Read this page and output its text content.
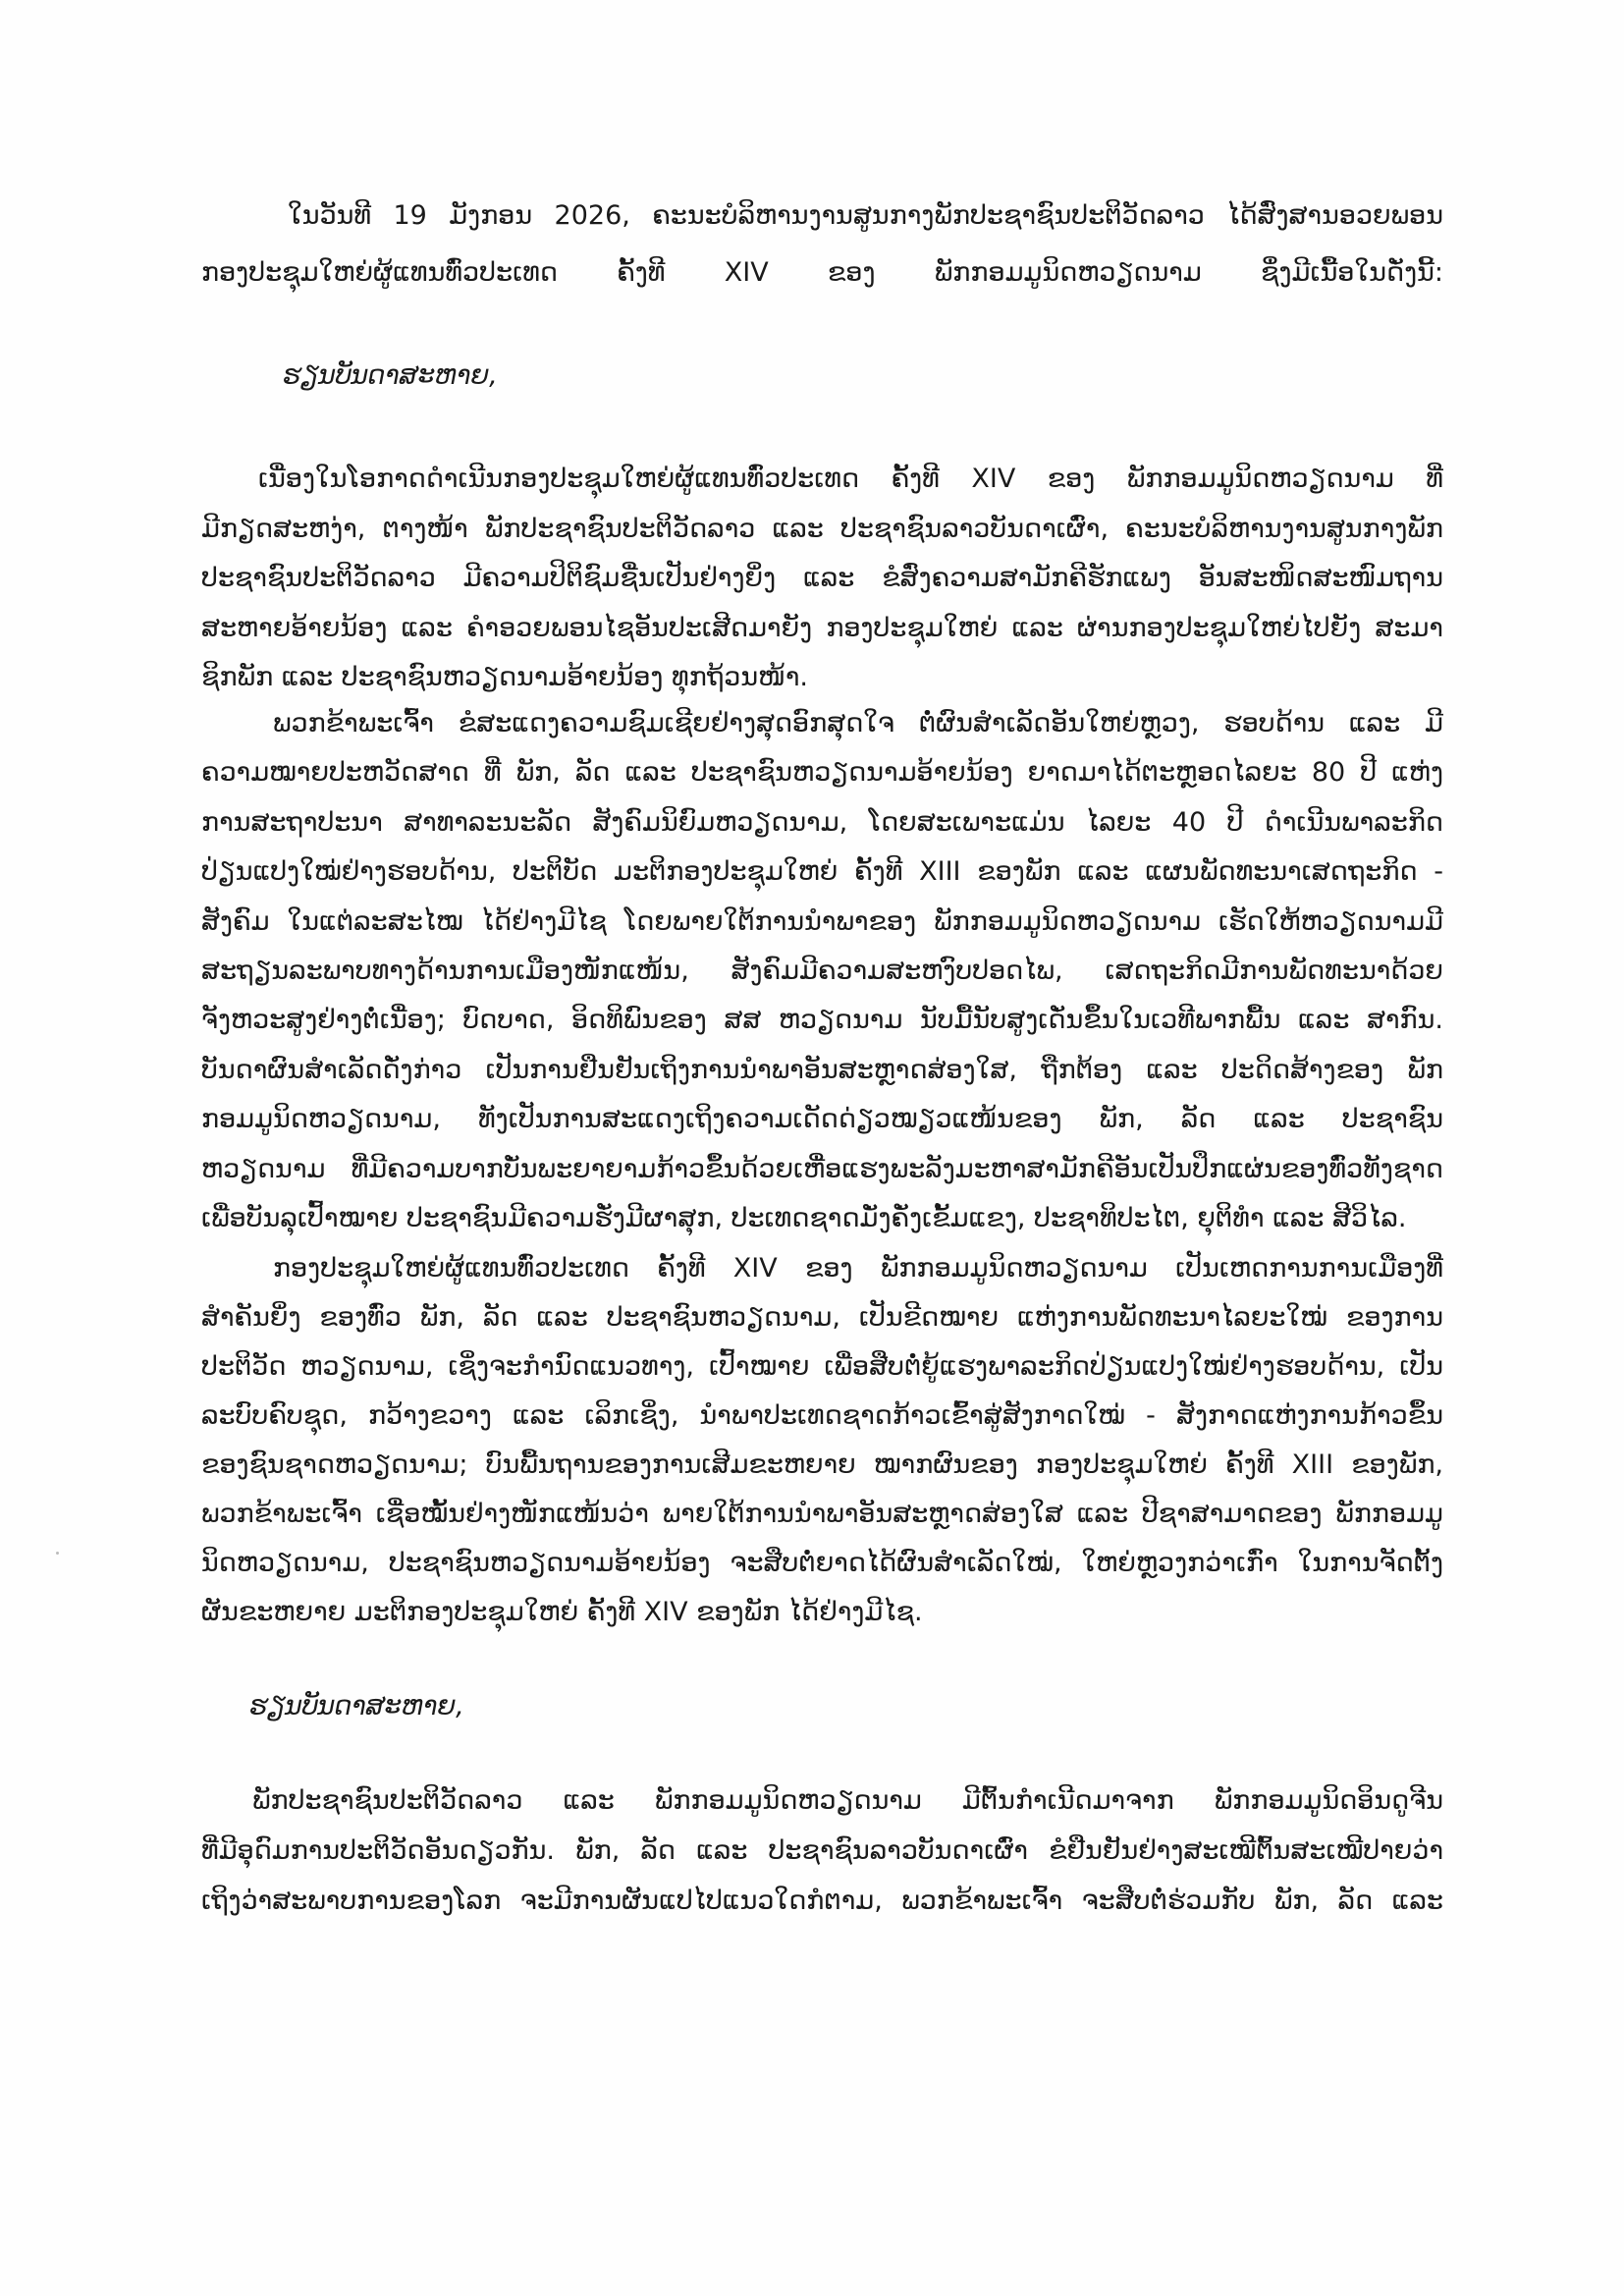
ໃນວັນທີ 19 ມັງກອນ 2026, ຄະນະບໍລິຫານງານສູນກາງພັກປະຊາຊົນປະຕິວັດລາວ ໄດ້ສົ່ງສານອວຍພອນ
ກອງປະຊຸມໃຫຍ່ຜູ້ແທນທົ່ວປະເທດ ຄັ້ງທີ XIV ຂອງ ພັກກອມມູນິດຫວຽດນາມ ຊຶ່ງມີເນື້ອໃນດັ່ງນີ້:
ຮຽນບັນດາສະຫາຍ,
ເນື່ອງໃນໂອກາດດຳເນີນກອງປະຊຸມໃຫຍ່ຜູ້ແທນທົ່ວປະເທດ ຄັ້ງທີ XIV ຂອງ ພັກກອມມູນິດຫວຽດນາມ ທີ່
ມີກຽດສະຫງ່າ, ຕາງໜ້າ ພັກປະຊາຊົນປະຕິວັດລາວ ແລະ ປະຊາຊົນລາວບັນດາເຜົ່າ, ຄະນະບໍລິຫານງານສູນກາງພັກ
ປະຊາຊົນປະຕິວັດລາວ ມີຄວາມປິຕິຊົມຊື່ນເປັນຢ່າງຍິ່ງ ແລະ ຂໍສົ່ງຄວາມສາມັກຄີຮັກແພງ ອັນສະໜິດສະໜົມຖານ
ສະຫາຍອ້າຍນ້ອງ ແລະ ຄຳອວຍພອນໄຊອັນປະເສີດມາຍັງ ກອງປະຊຸມໃຫຍ່ ແລະ ຜ່ານກອງປະຊຸມໃຫຍ່ໄປຍັງ ສະມາ
ຊິກພັກ ແລະ ປະຊາຊົນຫວຽດນາມອ້າຍນ້ອງ ທຸກຖ້ວນໜ້າ.
ພວກຂ້າພະເຈົ້າ ຂໍສະແດງຄວາມຊົມເຊີຍຢ່າງສຸດອົກສຸດໃຈ ຕໍ່ຜົນສຳເລັດອັນໃຫຍ່ຫຼວງ, ຮອບດ້ານ ແລະ ມີ
ຄວາມໝາຍປະຫວັດສາດ ທີ່ ພັກ, ລັດ ແລະ ປະຊາຊົນຫວຽດນາມອ້າຍນ້ອງ ຍາດມາໄດ້ຕະຫຼອດໄລຍະ 80 ປີ ແຫ່ງ
ການສະຖາປະນາ ສາທາລະນະລັດ ສັງຄົມນິຍົມຫວຽດນາມ, ໂດຍສະເພາະແມ່ນ ໄລຍະ 40 ປີ ດຳເນີນພາລະກິດ
ປ່ຽນແປງໃໝ່ຢ່າງຮອບດ້ານ, ປະຕິບັດ ມະຕິກອງປະຊຸມໃຫຍ່ ຄັ້ງທີ XIII ຂອງພັກ ແລະ ແຜນພັດທະນາເສດຖະກິດ -
ສັງຄົມ ໃນແຕ່ລະສະໄໝ ໄດ້ຢ່າງມີໄຊ ໂດຍພາຍໃຕ້ການນຳພາຂອງ ພັກກອມມູນິດຫວຽດນາມ ເຮັດໃຫ້ຫວຽດນາມມີ
ສະຖຽນລະພາບທາງດ້ານການເມືອງໜັກແໜ້ນ, ສັງຄົມມີຄວາມສະຫງົບປອດໄພ, ເສດຖະກິດມີການພັດທະນາດ້ວຍ
ຈັງຫວະສູງຢ່າງຕໍ່ເນື່ອງ; ບົດບາດ, ອິດທິພົນຂອງ ສສ ຫວຽດນາມ ນັບມື້ນັບສູງເດັ່ນຂຶ້ນໃນເວທີພາກພື້ນ ແລະ ສາກົນ.
ບັນດາຜົນສຳເລັດດັ່ງກ່າວ ເປັນການຢືນຢັນເຖິງການນຳພາອັນສະຫຼາດສ່ອງໃສ, ຖືກຕ້ອງ ແລະ ປະດິດສ້າງຂອງ ພັກ
ກອມມູນິດຫວຽດນາມ, ທັງເປັນການສະແດງເຖິງຄວາມເດັດດ່ຽວໝຽວແໜ້ນຂອງ ພັກ, ລັດ ແລະ ປະຊາຊົນ
ຫວຽດນາມ ທີ່ມີຄວາມບາກບັ່ນພະຍາຍາມກ້າວຂຶ້ນດ້ວຍເຫື່ອແຮງພະລັງມະຫາສາມັກຄີອັນເປັນປຶກແຜ່ນຂອງທົ່ວທັງຊາດ
ເພື່ອບັນລຸເປົ້າໝາຍ ປະຊາຊົນມີຄວາມຮັ່ງມີຜາສຸກ, ປະເທດຊາດມັ່ງຄັ່ງເຂັ້ມແຂງ, ປະຊາທິປະໄຕ, ຍຸຕິທຳ ແລະ ສີວິໄລ.
ກອງປະຊຸມໃຫຍ່ຜູ້ແທນທົ່ວປະເທດ ຄັ້ງທີ XIV ຂອງ ພັກກອມມູນິດຫວຽດນາມ ເປັນເຫດການການເມືອງທີ່
ສຳຄັນຍິ່ງ ຂອງທົ່ວ ພັກ, ລັດ ແລະ ປະຊາຊົນຫວຽດນາມ, ເປັນຂີດໝາຍ ແຫ່ງການພັດທະນາໄລຍະໃໝ່ ຂອງການ
ປະຕິວັດ ຫວຽດນາມ, ເຊິ່ງຈະກຳນົດແນວທາງ, ເປົ້າໝາຍ ເພື່ອສືບຕໍ່ຍູ້ແຮງພາລະກິດປ່ຽນແປງໃໝ່ຢ່າງຮອບດ້ານ, ເປັນ
ລະບົບຄົບຊຸດ, ກວ້າງຂວາງ ແລະ ເລິກເຊິ່ງ, ນຳພາປະເທດຊາດກ້າວເຂົ້າສູ່ສັງກາດໃໝ່ - ສັງກາດແຫ່ງການກ້າວຂຶ້ນ
ຂອງຊົນຊາດຫວຽດນາມ; ບົນພື້ນຖານຂອງການເສີມຂະຫຍາຍ ໝາກຜົນຂອງ ກອງປະຊຸມໃຫຍ່ ຄັ້ງທີ XIII ຂອງພັກ,
ພວກຂ້າພະເຈົ້າ ເຊື່ອໝັ້ນຢ່າງໜັກແໜ້ນວ່າ ພາຍໃຕ້ການນຳພາອັນສະຫຼາດສ່ອງໃສ ແລະ ປີຊາສາມາດຂອງ ພັກກອມມູ
ນິດຫວຽດນາມ, ປະຊາຊົນຫວຽດນາມອ້າຍນ້ອງ ຈະສືບຕໍ່ຍາດໄດ້ຜົນສຳເລັດໃໝ່, ໃຫຍ່ຫຼວງກວ່າເກົ່າ ໃນການຈັດຕັ້ງ
ຜັນຂະຫຍາຍ ມະຕິກອງປະຊຸມໃຫຍ່ ຄັ້ງທີ XIV ຂອງພັກ ໄດ້ຢ່າງມີໄຊ.
ຮຽນບັນດາສະຫາຍ,
ພັກປະຊາຊົນປະຕິວັດລາວ ແລະ ພັກກອມມູນິດຫວຽດນາມ ມີຕົ້ນກຳເນີດມາຈາກ ພັກກອມມູນິດອິນດູຈີນ
ທີ່ມີອຸດົມການປະຕິວັດອັນດຽວກັນ. ພັກ, ລັດ ແລະ ປະຊາຊົນລາວບັນດາເຜົ່າ ຂໍຢືນຢັນຢ່າງສະເໝີຕົ້ນສະເໝີປາຍວ່າ
ເຖິງວ່າສະພາບການຂອງໂລກ ຈະມີການຜັນແປໄປແນວໃດກໍຕາມ, ພວກຂ້າພະເຈົ້າ ຈະສືບຕໍ່ຮ່ວມກັບ ພັກ, ລັດ ແລະ
